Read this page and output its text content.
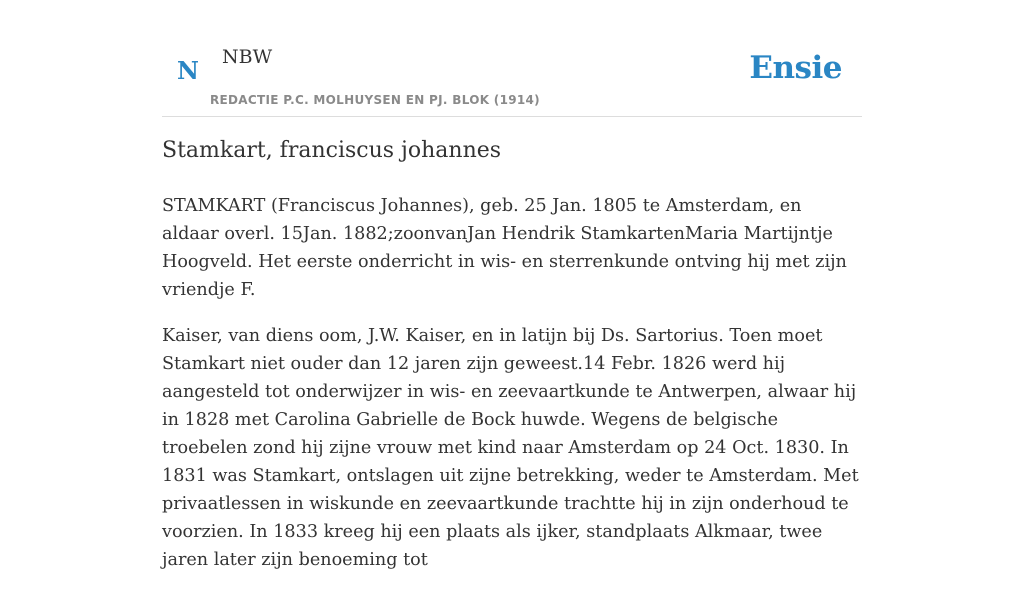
N NBW
REDACTIE P.C. MOLHUYSEN EN PJ. BLOK (1914)
Ensie
Stamkart, franciscus johannes

STAMKART (Franciscus Johannes), geb. 25 Jan. 1805 te Amsterdam, en aldaar overl. 15Jan. 1882;zoonvanJan Hendrik StamkartenMaria Martijntje Hoogveld. Het eerste onderricht in wis- en sterrenkunde ontving hij met zijn vriendje F.

Kaiser, van diens oom, J.W. Kaiser, en in latijn bij Ds. Sartorius. Toen moet Stamkart niet ouder dan 12 jaren zijn geweest.14 Febr. 1826 werd hij aangesteld tot onderwijzer in wis- en zeevaartkunde te Antwerpen, alwaar hij in 1828 met Carolina Gabrielle de Bock huwde. Wegens de belgische troebelen zond hij zijne vrouw met kind naar Amsterdam op 24 Oct. 1830. In 1831 was Stamkart, ontslagen uit zijne betrekking, weder te Amsterdam. Met privaatlessen in wiskunde en zeevaartkunde trachtte hij in zijn onderhoud te voorzien. In 1833 kreeg hij een plaats als ijker, standplaats Alkmaar, twee jaren later zijn benoeming tot
